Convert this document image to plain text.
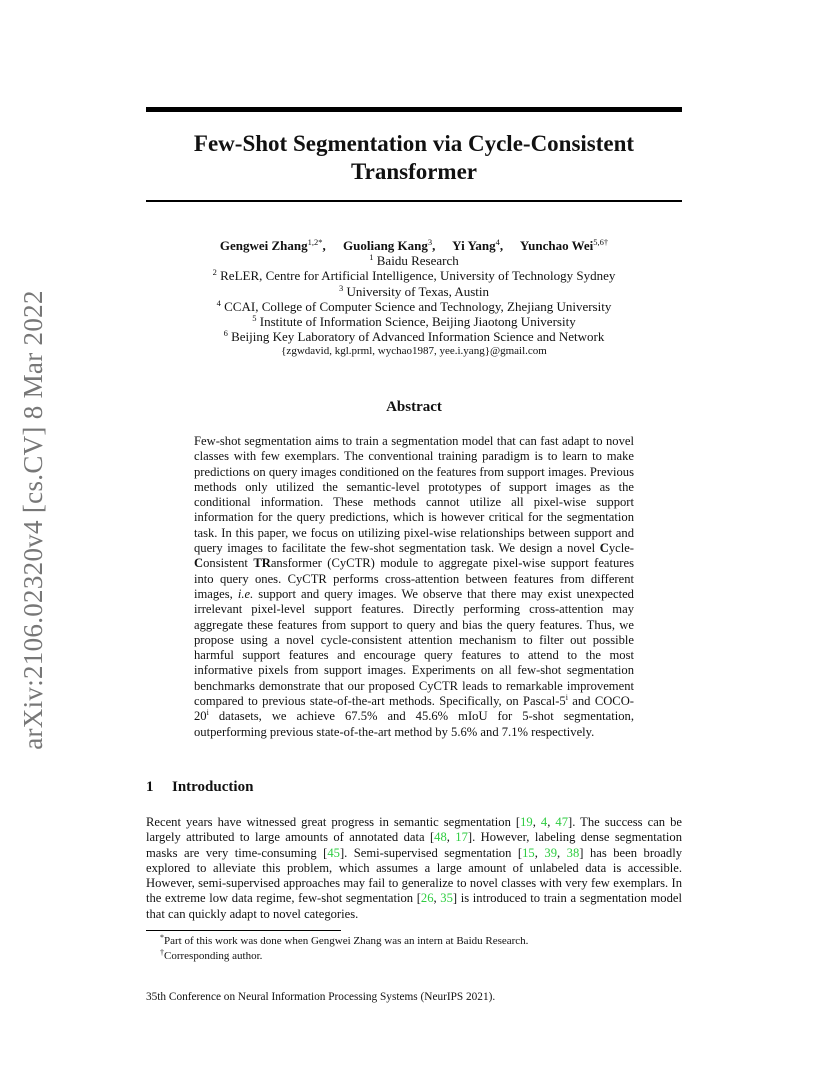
arXiv:2106.02320v4 [cs.CV] 8 Mar 2022
Few-Shot Segmentation via Cycle-Consistent Transformer
Gengwei Zhang$^{1,2*}$, Guoliang Kang$^3$, Yi Yang$^4$, Yunchao Wei$^{5,6\dagger}$
$^1$ Baidu Research
$^2$ ReLER, Centre for Artificial Intelligence, University of Technology Sydney
$^3$ University of Texas, Austin
$^4$ CCAI, College of Computer Science and Technology, Zhejiang University
$^5$ Institute of Information Science, Beijing Jiaotong University
$^6$ Beijing Key Laboratory of Advanced Information Science and Network
{zgwdavid, kgl.prml, wychao1987, yee.i.yang}@gmail.com
Abstract
Few-shot segmentation aims to train a segmentation model that can fast adapt to novel classes with few exemplars. The conventional training paradigm is to learn to make predictions on query images conditioned on the features from support images. Previous methods only utilized the semantic-level prototypes of support images as the conditional information. These methods cannot utilize all pixel-wise support information for the query predictions, which is however critical for the segmentation task. In this paper, we focus on utilizing pixel-wise relationships between support and query images to facilitate the few-shot segmentation task. We design a novel Cycle-Consistent TRansformer (CyCTR) module to aggregate pixel-wise support features into query ones. CyCTR performs cross-attention between features from different images, i.e. support and query images. We observe that there may exist unexpected irrelevant pixel-level support features. Directly performing cross-attention may aggregate these features from support to query and bias the query features. Thus, we propose using a novel cycle-consistent attention mechanism to filter out possible harmful support features and encourage query features to attend to the most informative pixels from support images. Experiments on all few-shot segmentation benchmarks demonstrate that our proposed CyCTR leads to remarkable improvement compared to previous state-of-the-art methods. Specifically, on Pascal-5$^i$ and COCO-20$^i$ datasets, we achieve 67.5% and 45.6% mIoU for 5-shot segmentation, outperforming previous state-of-the-art method by 5.6% and 7.1% respectively.
1 Introduction
Recent years have witnessed great progress in semantic segmentation [19, 4, 47]. The success can be largely attributed to large amounts of annotated data [48, 17]. However, labeling dense segmentation masks are very time-consuming [45]. Semi-supervised segmentation [15, 39, 38] has been broadly explored to alleviate this problem, which assumes a large amount of unlabeled data is accessible. However, semi-supervised approaches may fail to generalize to novel classes with very few exemplars. In the extreme low data regime, few-shot segmentation [26, 35] is introduced to train a segmentation model that can quickly adapt to novel categories.
*Part of this work was done when Gengwei Zhang was an intern at Baidu Research.
†Corresponding author.
35th Conference on Neural Information Processing Systems (NeurIPS 2021).
